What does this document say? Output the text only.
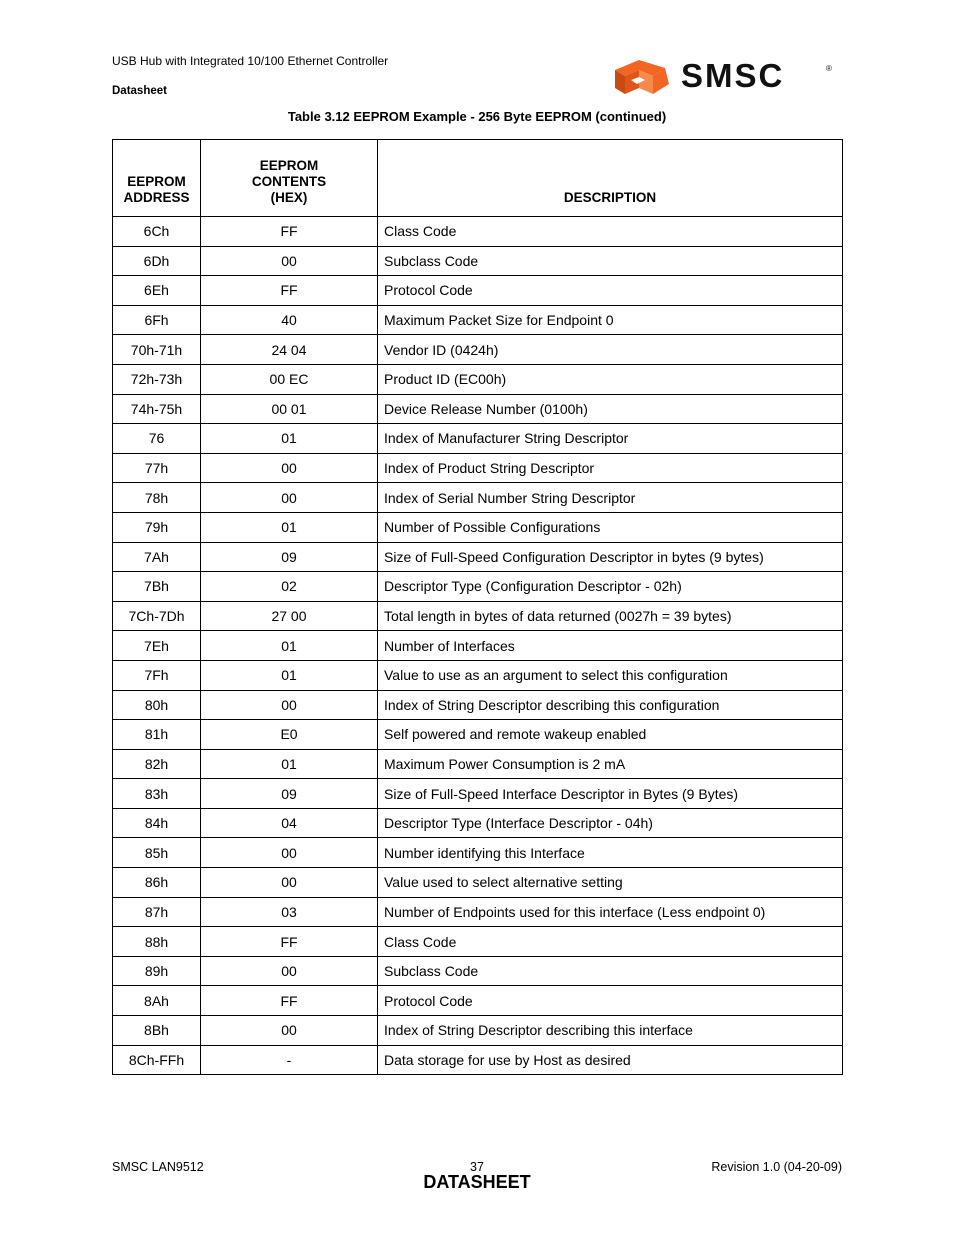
USB Hub with Integrated 10/100 Ethernet Controller
Datasheet	SMSC	®
Table 3.12 EEPROM Example - 256 Byte EEPROM (continued)
EEPROM
ADDRESS	EEPROM
CONTENTS
(HEX)	DESCRIPTION
6Ch	FF	Class Code
6Dh	00	Subclass Code
6Eh	FF	Protocol Code
6Fh	40	Maximum Packet Size for Endpoint 0
70h-71h	24 04	Vendor ID (0424h)
72h-73h	00 EC	Product ID (EC00h)
74h-75h	00 01	Device Release Number (0100h)
76	01	Index of Manufacturer String Descriptor
77h	00	Index of Product String Descriptor
78h	00	Index of Serial Number String Descriptor
79h	01	Number of Possible Configurations
7Ah	09	Size of Full-Speed Configuration Descriptor in bytes (9 bytes)
7Bh	02	Descriptor Type (Configuration Descriptor - 02h)
7Ch-7Dh	27 00	Total length in bytes of data returned (0027h = 39 bytes)
7Eh	01	Number of Interfaces
7Fh	01	Value to use as an argument to select this configuration
80h	00	Index of String Descriptor describing this configuration
81h	E0	Self powered and remote wakeup enabled
82h	01	Maximum Power Consumption is 2 mA
83h	09	Size of Full-Speed Interface Descriptor in Bytes (9 Bytes)
84h	04	Descriptor Type (Interface Descriptor - 04h)
85h	00	Number identifying this Interface
86h	00	Value used to select alternative setting
87h	03	Number of Endpoints used for this interface (Less endpoint 0)
88h	FF	Class Code
89h	00	Subclass Code
8Ah	FF	Protocol Code
8Bh	00	Index of String Descriptor describing this interface
8Ch-FFh	-	Data storage for use by Host as desired
SMSC LAN9512	37	Revision 1.0 (04-20-09)
DATASHEET
